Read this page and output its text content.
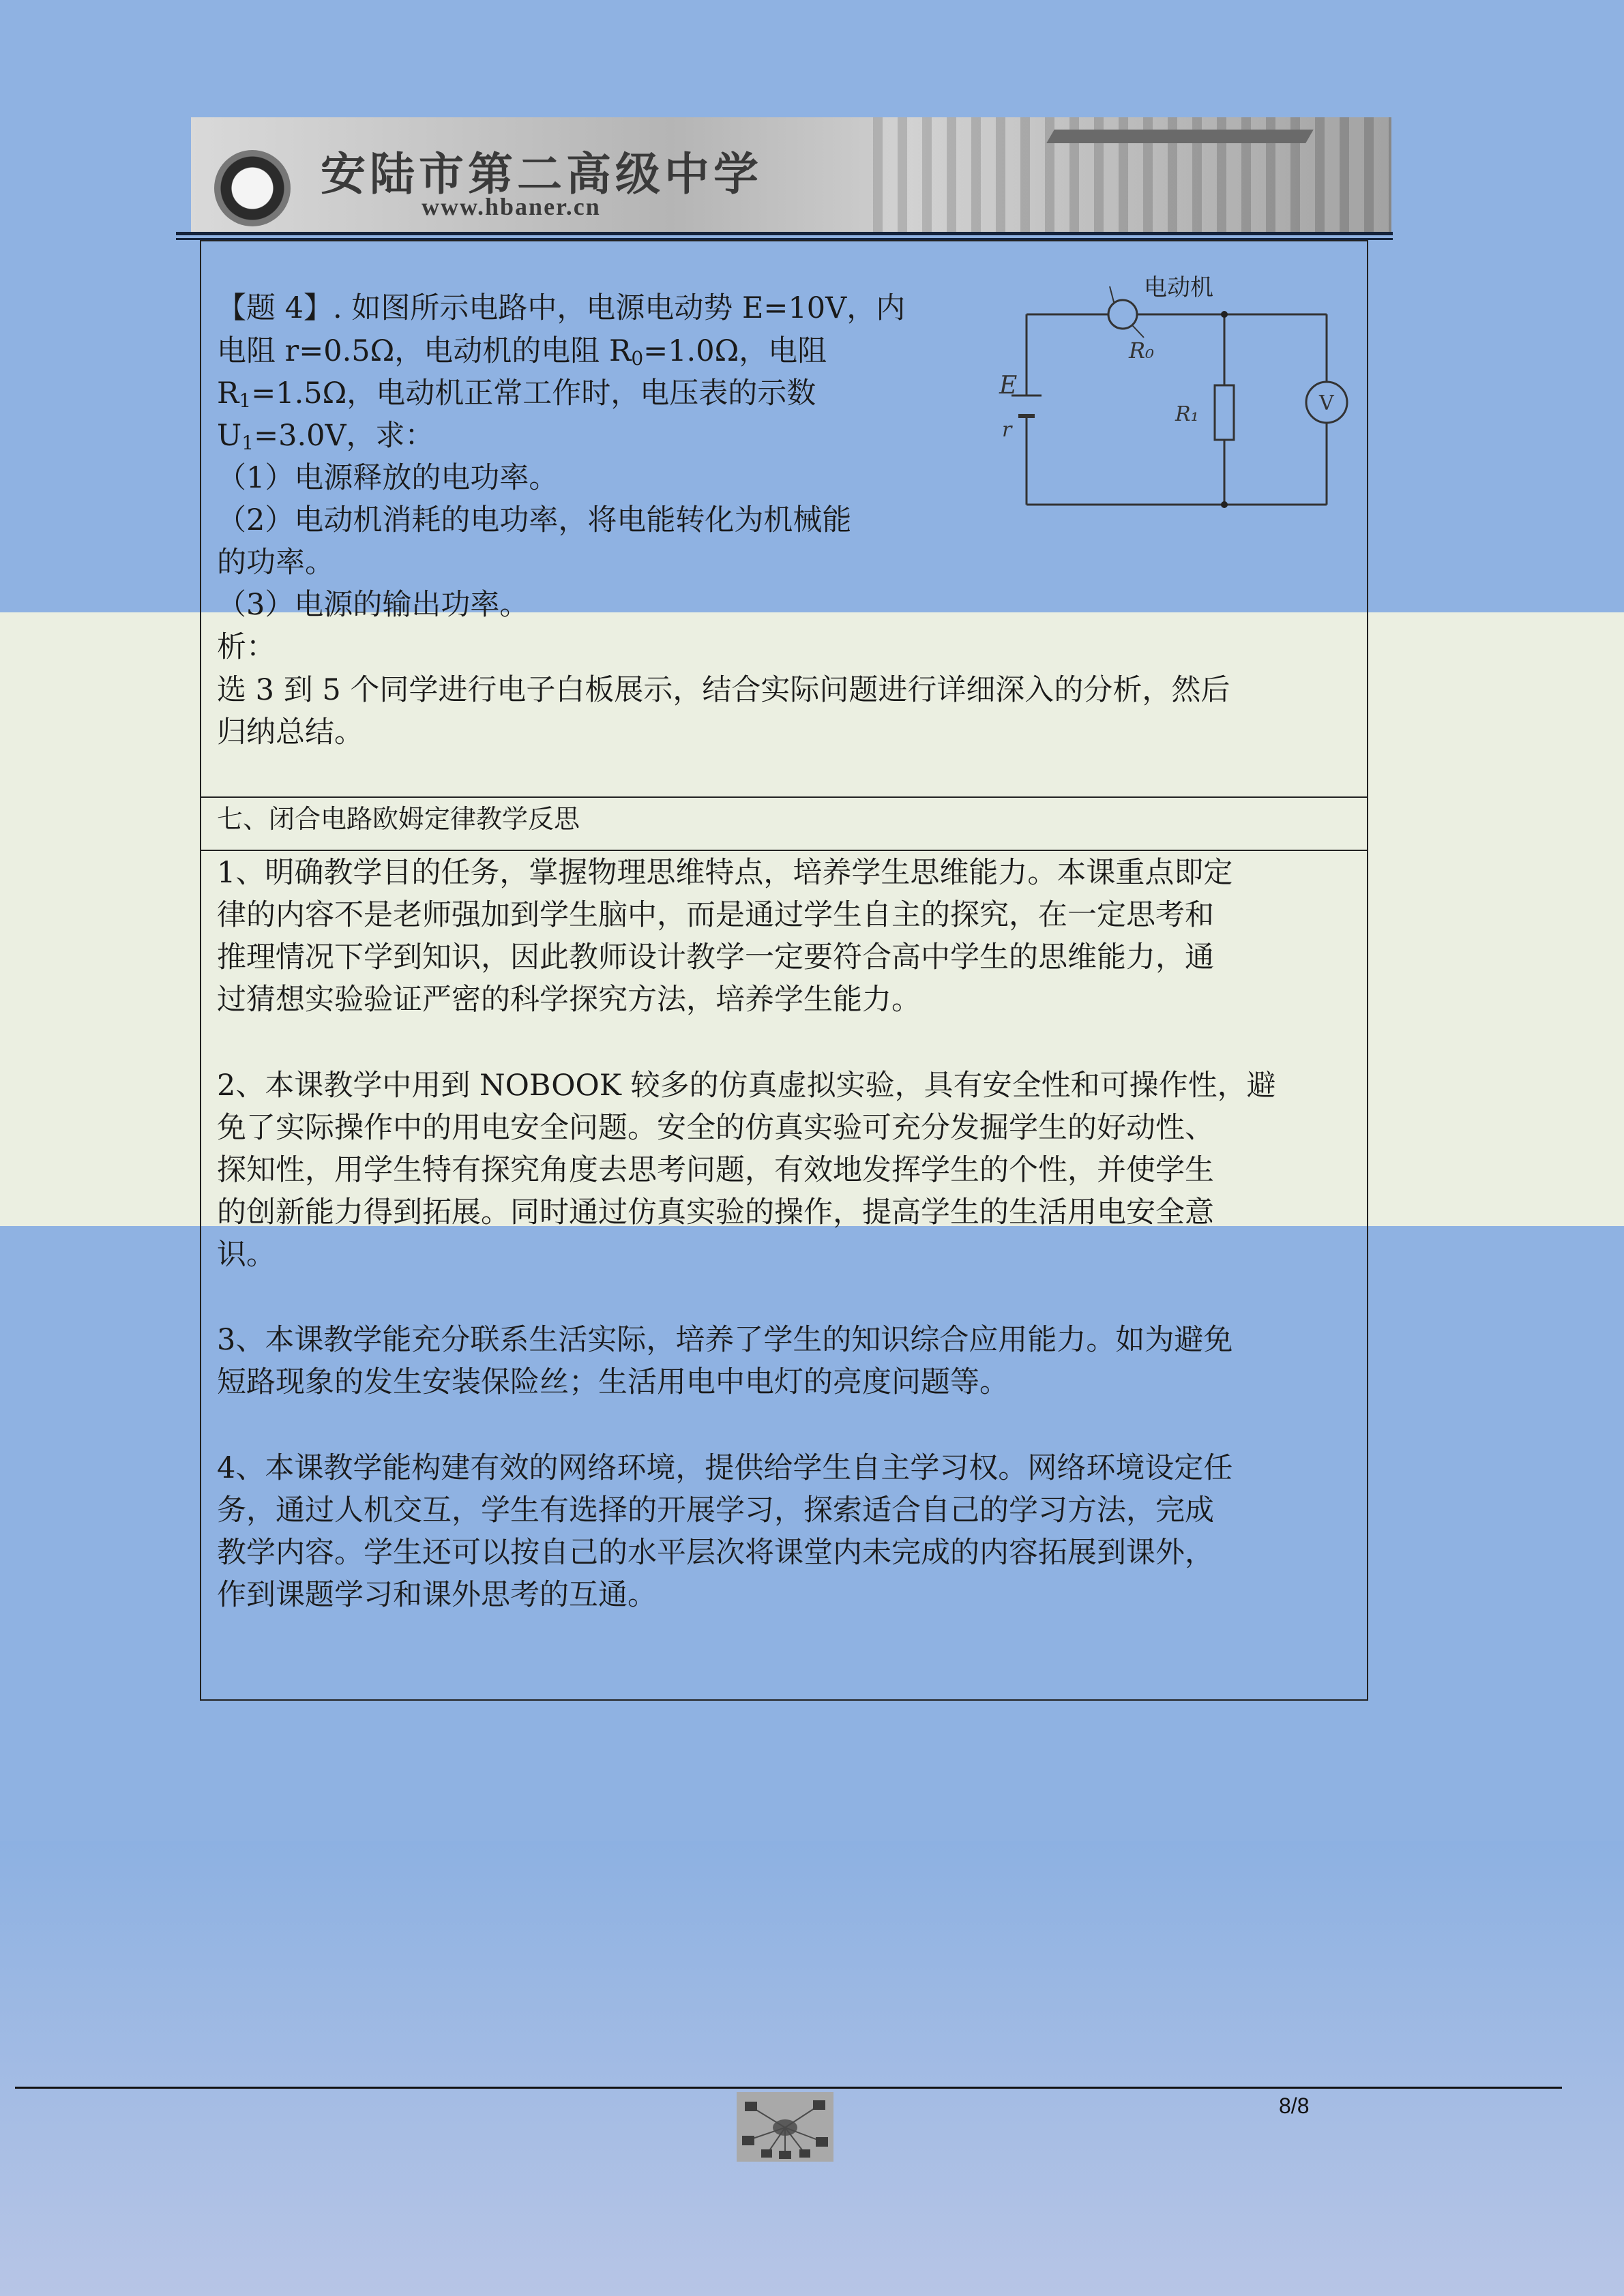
安陆市第二高级中学
www.hbaner.cn
【题 4】. 如图所示电路中，电源电动势 E=10V，内
电阻 r=0.5Ω，电动机的电阻 $R_0=1.0\Omega$，电阻
$R_1=1.5\Omega$，电动机正常工作时，电压表的示数
$U_1=3.0V$，求：
（1）电源释放的电功率。
（2）电动机消耗的电功率，将电能转化为机械能
的功率。
（3）电源的输出功率。
析：
选 3 到 5 个同学进行电子白板展示，结合实际问题进行详细深入的分析，然后
归纳总结。
电动机
R₀
R₁
E
r
V
七、闭合电路欧姆定律教学反思
1、明确教学目的任务，掌握物理思维特点，培养学生思维能力。本课重点即定
律的内容不是老师强加到学生脑中，而是通过学生自主的探究，在一定思考和
推理情况下学到知识，因此教师设计教学一定要符合高中学生的思维能力，通
过猜想实验验证严密的科学探究方法，培养学生能力。
2、本课教学中用到 NOBOOK 较多的仿真虚拟实验，具有安全性和可操作性，避
免了实际操作中的用电安全问题。安全的仿真实验可充分发掘学生的好动性、
探知性，用学生特有探究角度去思考问题，有效地发挥学生的个性，并使学生
的创新能力得到拓展。同时通过仿真实验的操作，提高学生的生活用电安全意
识。
3、本课教学能充分联系生活实际，培养了学生的知识综合应用能力。如为避免
短路现象的发生安装保险丝；生活用电中电灯的亮度问题等。
4、本课教学能构建有效的网络环境，提供给学生自主学习权。网络环境设定任
务，通过人机交互，学生有选择的开展学习，探索适合自己的学习方法，完成
教学内容。学生还可以按自己的水平层次将课堂内未完成的内容拓展到课外，
作到课题学习和课外思考的互通。
8/8
